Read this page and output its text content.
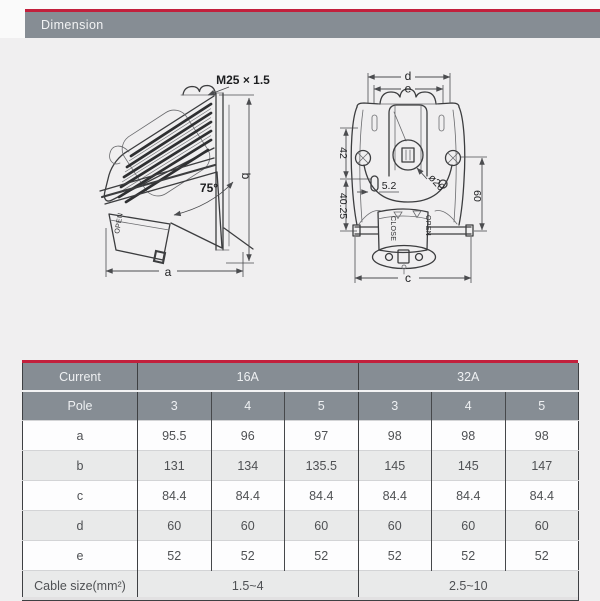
Dimension
OPEN
M25 × 1.5
75°
b
a
CLOSE	OPEN
d
e
42
40.25
5.2	ø20
60
c
Current	16A			32A		
Pole	3	4	5	3	4	5
a	95.5	96	97	98	98	98
b	131	134	135.5	145	145	147
c	84.4	84.4	84.4	84.4	84.4	84.4
d	60	60	60	60	60	60
e	52	52	52	52	52	52
Cable size(mm²)	1.5~4			2.5~10		
